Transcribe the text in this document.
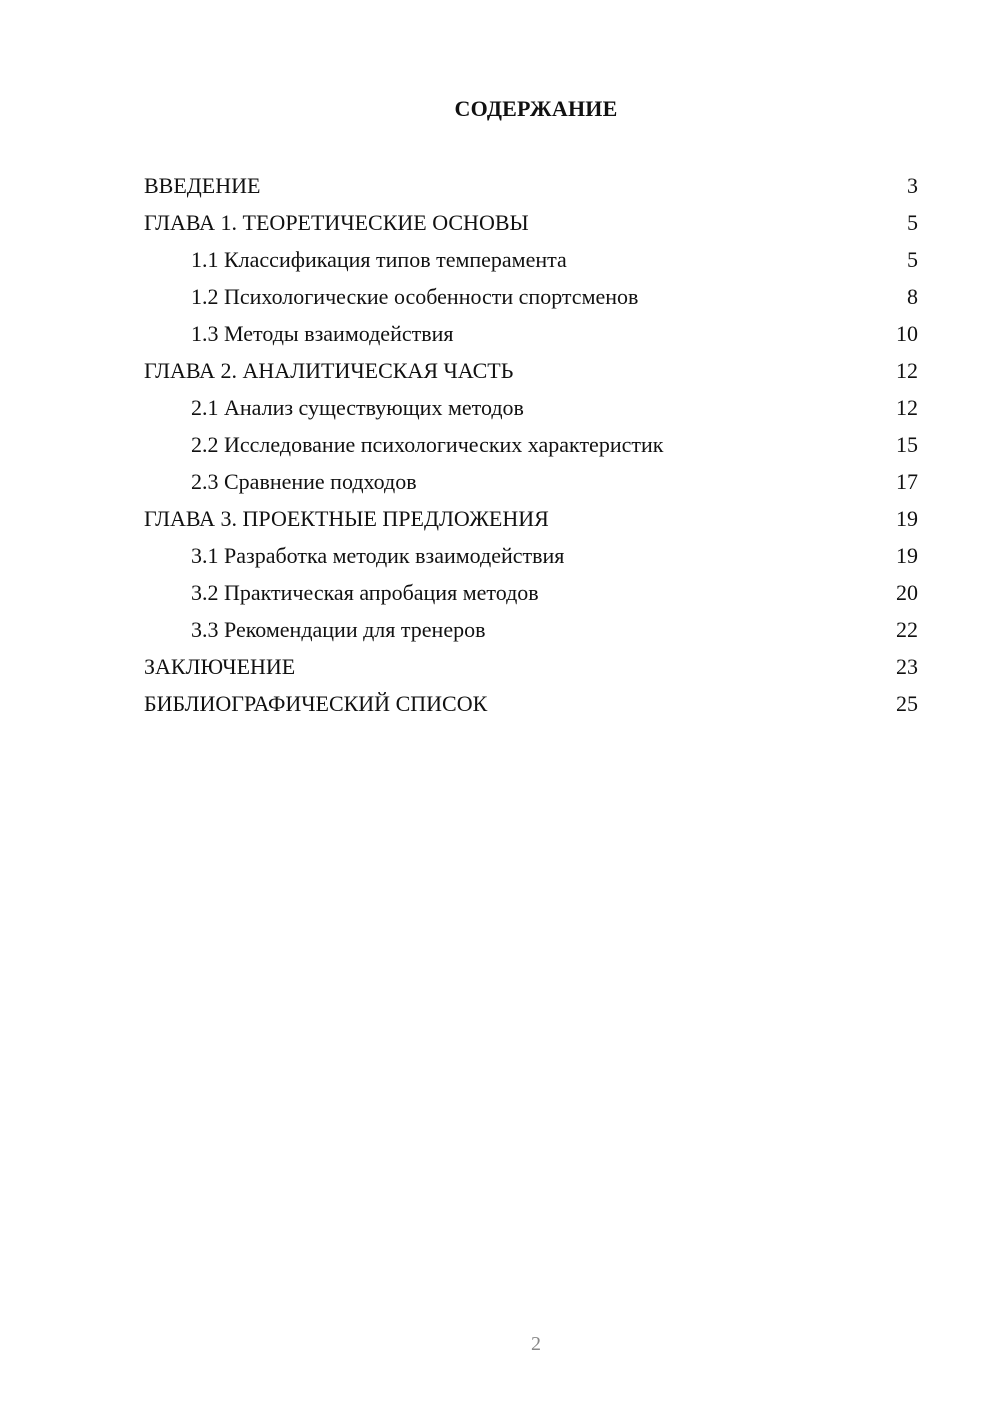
СОДЕРЖАНИЕ
ВВЕДЕНИЕ	3
ГЛАВА 1. ТЕОРЕТИЧЕСКИЕ ОСНОВЫ	5
1.1 Классификация типов темперамента	5
1.2 Психологические особенности спортсменов	8
1.3 Методы взаимодействия	10
ГЛАВА 2. АНАЛИТИЧЕСКАЯ ЧАСТЬ	12
2.1 Анализ существующих методов	12
2.2 Исследование психологических характеристик	15
2.3 Сравнение подходов	17
ГЛАВА 3. ПРОЕКТНЫЕ ПРЕДЛОЖЕНИЯ	19
3.1 Разработка методик взаимодействия	19
3.2 Практическая апробация методов	20
3.3 Рекомендации для тренеров	22
ЗАКЛЮЧЕНИЕ	23
БИБЛИОГРАФИЧЕСКИЙ СПИСОК	25
2
